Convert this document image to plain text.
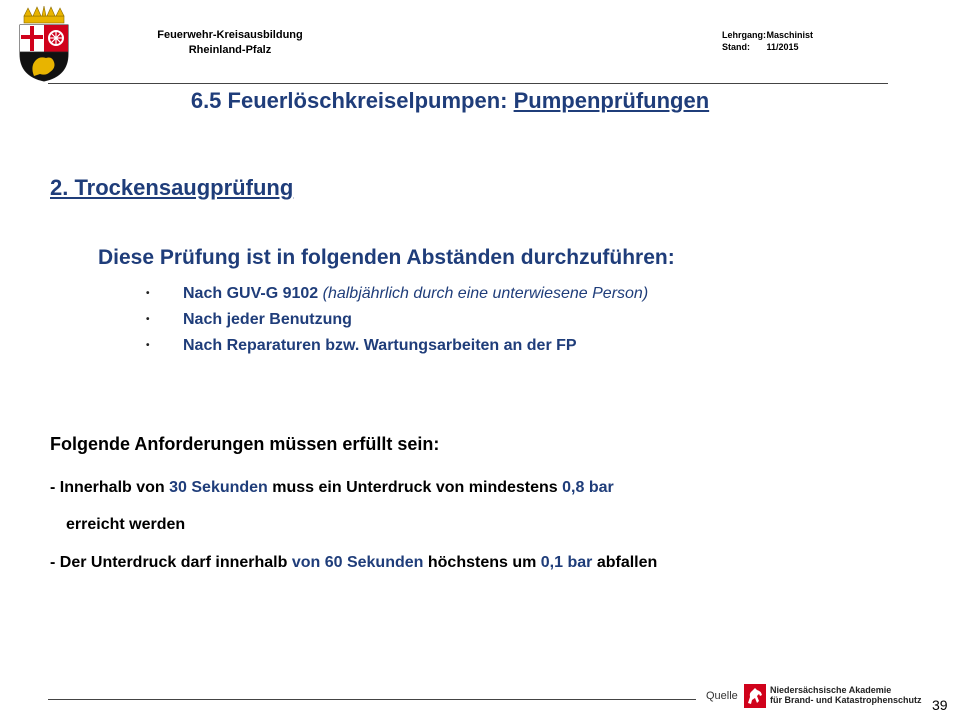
Feuerwehr-Kreisausbildung
Rheinland-Pfalz
Lehrgang: Maschinist
Stand: 11/2015
6.5 Feuerlöschkreiselpumpen: Pumpenprüfungen
2. Trockensaugprüfung
Diese Prüfung ist in folgenden Abständen durchzuführen:
• Nach GUV-G 9102 (halbjährlich durch eine unterwiesene Person)
• Nach jeder Benutzung
• Nach Reparaturen bzw. Wartungsarbeiten an der FP
Folgende Anforderungen müssen erfüllt sein:
- Innerhalb von 30 Sekunden muss ein Unterdruck von mindestens 0,8 bar
erreicht werden
- Der Unterdruck darf innerhalb von 60 Sekunden höchstens um 0,1 bar abfallen
Quelle	Niedersächsische Akademie
für Brand- und Katastrophenschutz 39
